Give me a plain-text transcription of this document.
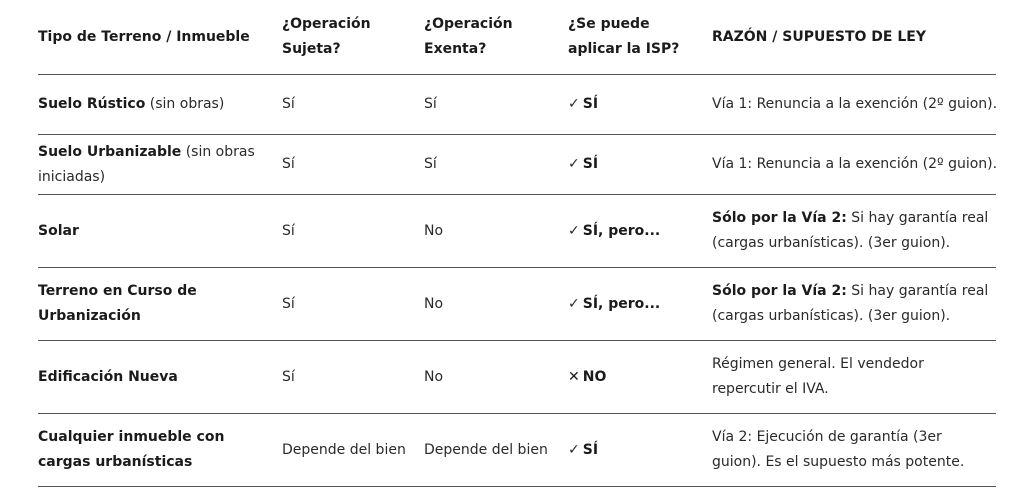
Tipo de Terreno / Inmueble	¿Operación Sujeta?	¿Operación Exenta?	¿Se puede aplicar la ISP?	RAZÓN / SUPUESTO DE LEY
Suelo Rústico (sin obras)	Sí	Sí	✓ SÍ	Vía 1: Renuncia a la exención (2º guion).
Suelo Urbanizable (sin obras iniciadas)	Sí	Sí	✓ SÍ	Vía 1: Renuncia a la exención (2º guion).
Solar	Sí	No	✓ SÍ, pero...	Sólo por la Vía 2: Si hay garantía real (cargas urbanísticas). (3er guion).
Terreno en Curso de Urbanización	Sí	No	✓ SÍ, pero...	Sólo por la Vía 2: Si hay garantía real (cargas urbanísticas). (3er guion).
Edificación Nueva	Sí	No	✕ NO	Régimen general. El vendedor repercutir el IVA.
Cualquier inmueble con cargas urbanísticas	Depende del bien	Depende del bien	✓ SÍ	Vía 2: Ejecución de garantía (3er guion). Es el supuesto más potente.
